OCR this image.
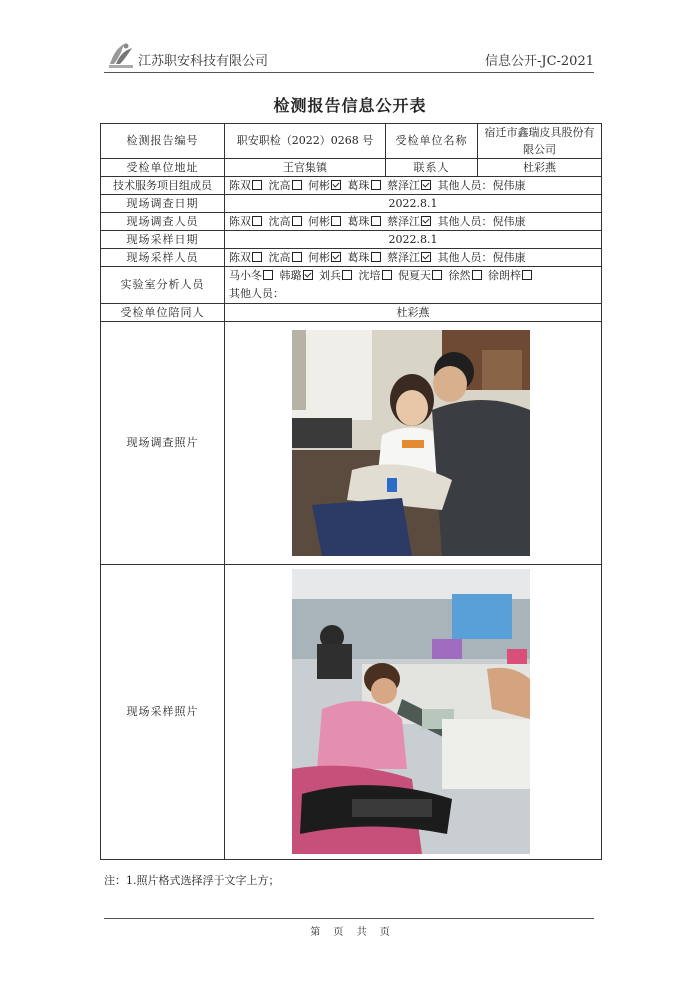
江苏职安科技有限公司	信息公开-JC-2021
检测报告信息公开表
检测报告编号	职安职检（2022）0268 号	受检单位名称	宿迁市鑫瑞皮具股份有限公司
受检单位地址	王官集镇	联系人	杜彩燕
技术服务项目组成员	陈双 沈高 何彬 葛珠 蔡泽江 其他人员：倪伟康		
现场调查日期	2022.8.1		
现场调查人员	陈双 沈高 何彬 葛珠 蔡泽江 其他人员：倪伟康		
现场采样日期	2022.8.1		
现场采样人员	陈双 沈高 何彬 葛珠 蔡泽江 其他人员：倪伟康		
实验室分析人员	马小冬 韩璐 刘兵 沈培 倪夏天 徐然 徐朗梓
其他人员：		
受检单位陪同人	杜彩燕		
现场调查照片	

现场采样照片	
注：1.照片格式选择浮于文字上方；
第 页 共 页
